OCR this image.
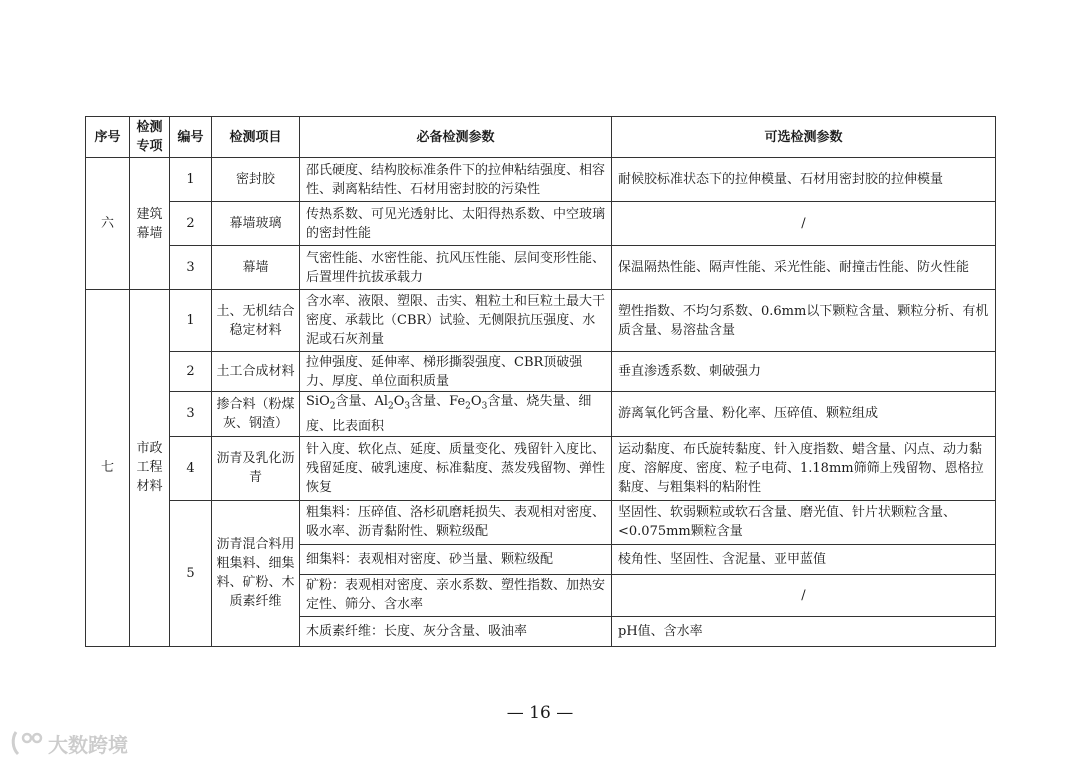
序号	检测专项	编号	检测项目	必备检测参数	可选检测参数
六	建筑幕墙	1	密封胶	邵氏硬度、结构胶标准条件下的拉伸粘结强度、相容性、剥离粘结性、石材用密封胶的污染性	耐候胶标准状态下的拉伸模量、石材用密封胶的拉伸模量
		2	幕墙玻璃	传热系数、可见光透射比、太阳得热系数、中空玻璃的密封性能	/
		3	幕墙	气密性能、水密性能、抗风压性能、层间变形性能、后置埋件抗拔承载力	保温隔热性能、隔声性能、采光性能、耐撞击性能、防火性能
七	市政工程材料	1	土、无机结合稳定材料	含水率、液限、塑限、击实、粗粒土和巨粒土最大干密度、承载比（CBR）试验、无侧限抗压强度、水泥或石灰剂量	塑性指数、不均匀系数、0.6mm以下颗粒含量、颗粒分析、有机质含量、易溶盐含量
		2	土工合成材料	拉伸强度、延伸率、梯形撕裂强度、CBR顶破强力、厚度、单位面积质量	垂直渗透系数、刺破强力
		3	掺合料（粉煤灰、钢渣）	SiO$_2$含量、$Al_2O_3$含量、$Fe_2O_3$含量、烧失量、细度、比表面积	游离氧化钙含量、粉化率、压碎值、颗粒组成
		4	沥青及乳化沥青	针入度、软化点、延度、质量变化、残留针入度比、残留延度、破乳速度、标准黏度、蒸发残留物、弹性恢复	运动黏度、布氏旋转黏度、针入度指数、蜡含量、闪点、动力黏度、溶解度、密度、粒子电荷、1.18mm筛筛上残留物、恩格拉黏度、与粗集料的粘附性
		5	沥青混合料用粗集料、细集料、矿粉、木质素纤维	粗集料：压碎值、洛杉矶磨耗损失、表观相对密度、吸水率、沥青黏附性、颗粒级配	坚固性、软弱颗粒或软石含量、磨光值、针片状颗粒含量、<0.075mm颗粒含量
				细集料：表观相对密度、砂当量、颗粒级配	棱角性、坚固性、含泥量、亚甲蓝值
				矿粉：表观相对密度、亲水系数、塑性指数、加热安定性、筛分、含水率	/
				木质素纤维：长度、灰分含量、吸油率	pH值、含水率
— 16 —
大数跨境
